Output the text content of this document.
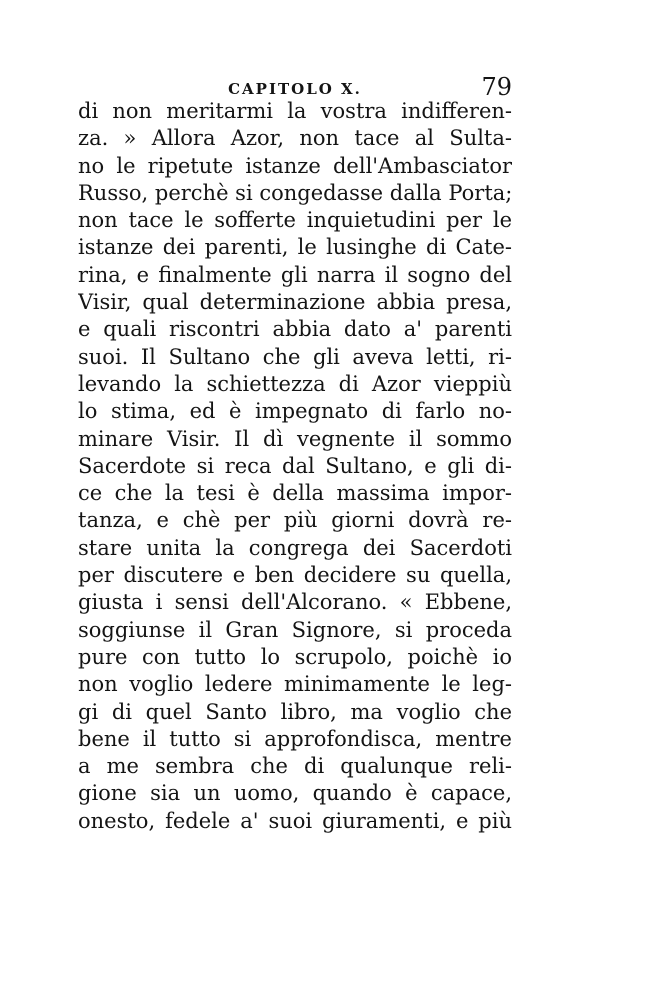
CAPITOLO X.	79
di non meritarmi la vostra indifferen-
za. » Allora Azor, non tace al Sulta-
no le ripetute istanze dell'Ambasciator
Russo, perchè si congedasse dalla Porta;
non tace le sofferte inquietudini per le
istanze dei parenti, le lusinghe di Cate-
rina, e finalmente gli narra il sogno del
Visir, qual determinazione abbia presa,
e quali riscontri abbia dato a' parenti
suoi. Il Sultano che gli aveva letti, ri-
levando la schiettezza di Azor vieppiù
lo stima, ed è impegnato di farlo no-
minare Visir. Il dì vegnente il sommo
Sacerdote si reca dal Sultano, e gli di-
ce che la tesi è della massima impor-
tanza, e chè per più giorni dovrà re-
stare unita la congrega dei Sacerdoti
per discutere e ben decidere su quella,
giusta i sensi dell'Alcorano. « Ebbene,
soggiunse il Gran Signore, si proceda
pure con tutto lo scrupolo, poichè io
non voglio ledere minimamente le leg-
gi di quel Santo libro, ma voglio che
bene il tutto si approfondisca, mentre
a me sembra che di qualunque reli-
gione sia un uomo, quando è capace,
onesto, fedele a' suoi giuramenti, e più
